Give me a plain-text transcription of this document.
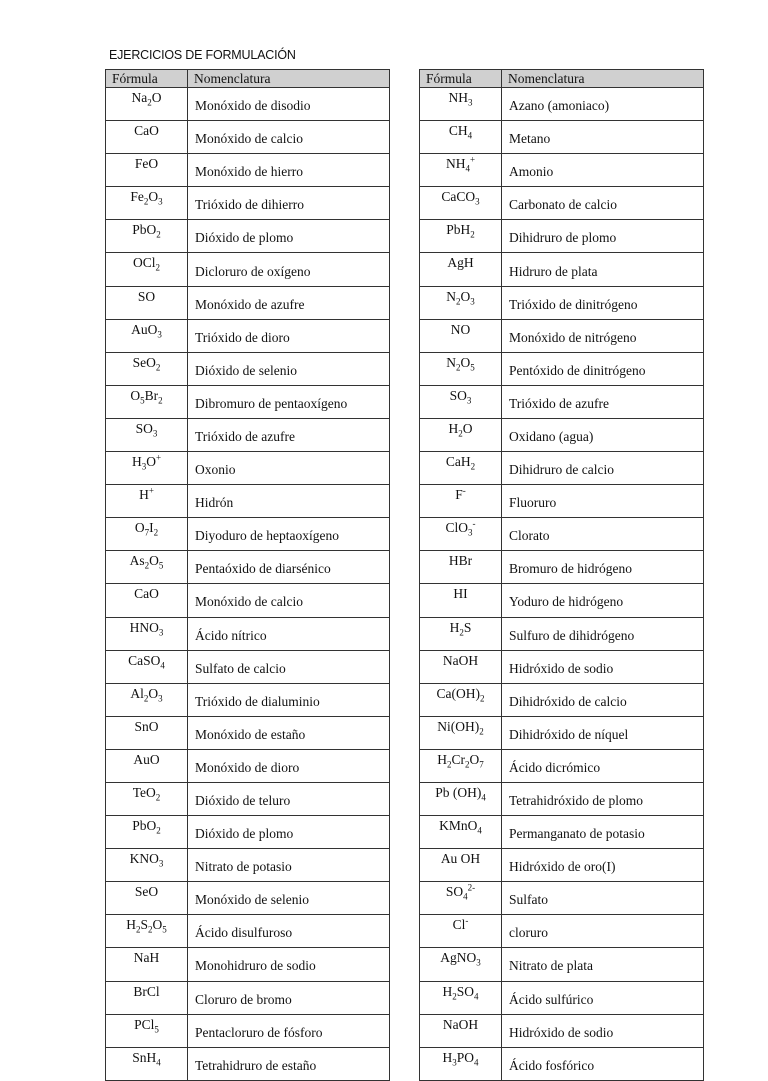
EJERCICIOS DE FORMULACIÓN
Fórmula	Nomenclatura
$Na_2O$	Monóxido de disodio
CaO	Monóxido de calcio
FeO	Monóxido de hierro
$Fe_2O_3$	Trióxido de dihierro
PbO$_2$	Dióxido de plomo
OCl$_2$	Dicloruro de oxígeno
SO	Monóxido de azufre
AuO$_3$	Trióxido de dioro
SeO$_2$	Dióxido de selenio
$O_5Br_2$	Dibromuro de pentaoxígeno
$SO_3$	Trióxido de azufre
$H_3O^+$	Oxonio
H+	Hidrón
$O_7I_2$	Diyoduro de heptaoxígeno
$As_2O_5$	Pentaóxido de diarsénico
CaO	Monóxido de calcio
$HNO_3$	Ácido nítrico
CaSO$_4$	Sulfato de calcio
$Al_2O_3$	Trióxido de dialuminio
SnO	Monóxido de estaño
AuO	Monóxido de dioro
TeO$_2$	Dióxido de teluro
PbO$_2$	Dióxido de plomo
$KNO_3$	Nitrato de potasio
SeO	Monóxido de selenio
$H_2S_2O_5$	Ácido disulfuroso
NaH	Monohidruro de sodio
BrCl	Cloruro de bromo
PCl$_5$	Pentacloruro de fósforo
SnH$_4$	Tetrahidruro de estaño
Fórmula	Nomenclatura
$NH_3$	Azano (amoniaco)
$CH_4$	Metano
$NH_4^+$	Amonio
CaCO$_3$	Carbonato de calcio
PbH$_2$	Dihidruro de plomo
AgH	Hidruro de plata
$N_2O_3$	Trióxido de dinitrógeno
NO	Monóxido de nitrógeno
$N_2O_5$	Pentóxido de dinitrógeno
$SO_3$	Trióxido de azufre
$H_2O$	Oxidano (agua)
CaH$_2$	Dihidruro de calcio
F-	Fluoruro
ClO$_3$-	Clorato
HBr	Bromuro de hidrógeno
HI	Yoduro de hidrógeno
$H_2S$	Sulfuro de dihidrógeno
NaOH	Hidróxido de sodio
$Ca(OH)_2$	Dihidróxido de calcio
$Ni(OH)_2$	Dihidróxido de níquel
$H_2Cr_2O_7$	Ácido dicrómico
Pb $(OH)_4$	Tetrahidróxido de plomo
KMnO$_4$	Permanganato de potasio
Au OH	Hidróxido de oro(I)
$SO_4^{2-}$	Sulfato
Cl-	cloruro
AgNO$_3$	Nitrato de plata
$H_2SO_4$	Ácido sulfúrico
NaOH	Hidróxido de sodio
$H_3PO_4$	Ácido fosfórico
